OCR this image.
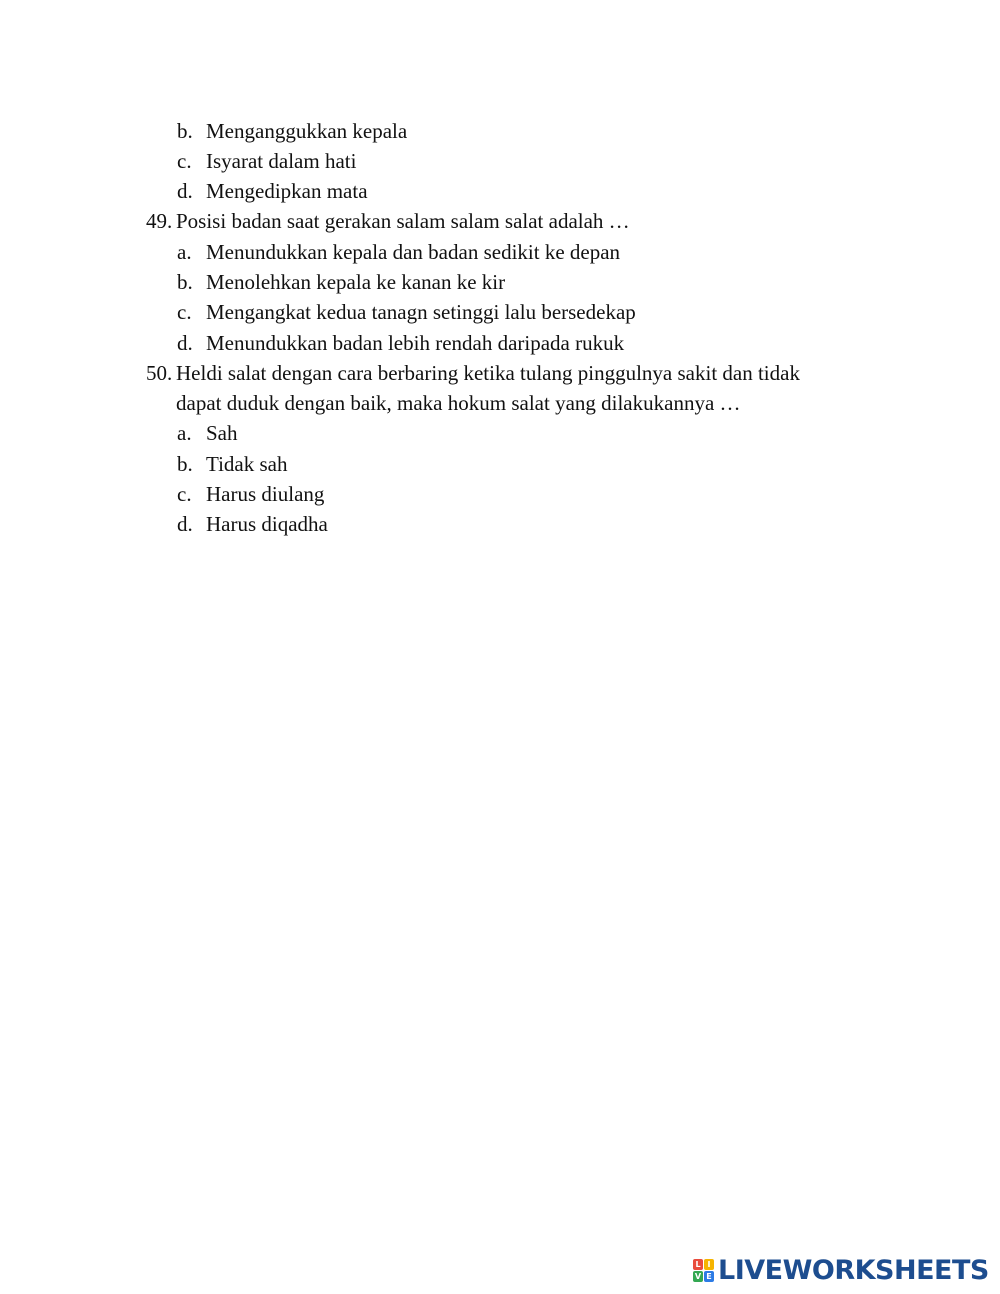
b. Menganggukkan kepala
c. Isyarat dalam hati
d. Mengedipkan mata
49. Posisi badan saat gerakan salam salam salat adalah …
a. Menundukkan kepala dan badan sedikit ke depan
b. Menolehkan kepala ke kanan ke kir
c. Mengangkat kedua tanagn setinggi lalu bersedekap
d. Menundukkan badan lebih rendah daripada rukuk
50. Heldi salat dengan cara berbaring ketika tulang pinggulnya sakit dan tidak
dapat duduk dengan baik, maka hokum salat yang dilakukannya …
a. Sah
b. Tidak sah
c. Harus diulang
d. Harus diqadha
L I
V E LIVEWORKSHEETS
